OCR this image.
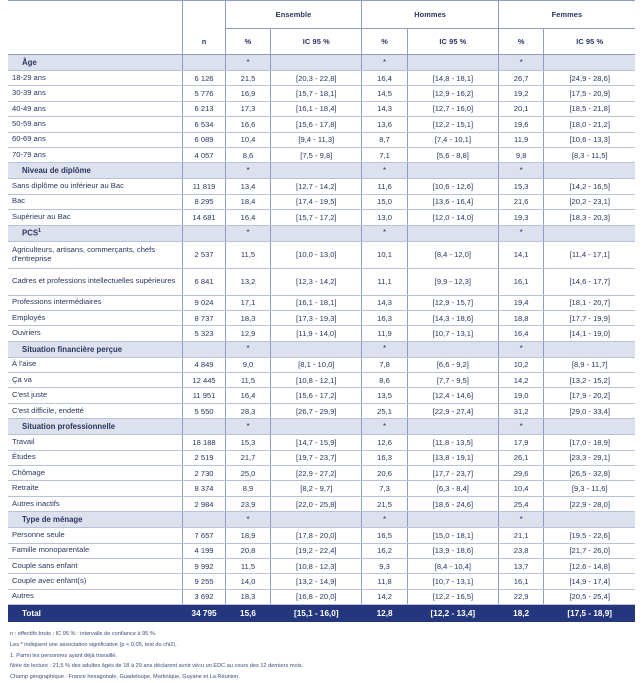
		Ensemble		Hommes		Femmes	
	n	%	IC 95 %	%	IC 95 %	%	IC 95 %
Âge		*		*		*	
18-29 ans	6 126	21,5	[20,3 - 22,8]	16,4	[14,8 - 18,1]	26,7	[24,9 - 28,6]
30-39 ans	5 776	16,9	[15,7 - 18,1]	14,5	[12,9 - 16,2]	19,2	[17,5 - 20,9]
40-49 ans	6 213	17,3	[16,1 - 18,4]	14,3	[12,7 - 16,0]	20,1	[18,5 - 21,8]
50-59 ans	6 534	16,6	[15,6 - 17,8]	13,6	[12,2 - 15,1]	19,6	[18,0 - 21,2]
60-69 ans	6 089	10,4	[9,4 - 11,3]	8,7	[7,4 - 10,1]	11,9	[10,6 - 13,3]
70-79 ans	4 057	8,6	[7,5 - 9,8]	7,1	[5,6 - 8,8]	9,8	[8,3 - 11,5]
Niveau de diplôme		*		*		*	
Sans diplôme ou inférieur au Bac	11 819	13,4	[12,7 - 14,2]	11,6	[10,6 - 12,6]	15,3	[14,2 - 16,5]
Bac	8 295	18,4	[17,4 - 19,5]	15,0	[13,6 - 16,4]	21,6	[20,2 - 23,1]
Supérieur au Bac	14 681	16,4	[15,7 - 17,2]	13,0	[12,0 - 14,0]	19,3	[18,3 - 20,3]
PCS$^1$		*		*		*	
Agriculteurs, artisans, commerçants, chefs d'entreprise	2 537	11,5	[10,0 - 13,0]	10,1	[8,4 - 12,0]	14,1	[11,4 - 17,1]
Cadres et professions intellectuelles supérieures	6 841	13,2	[12,3 - 14,2]	11,1	[9,9 - 12,3]	16,1	[14,6 - 17,7]
Professions intermédiaires	9 024	17,1	[16,1 - 18,1]	14,3	[12,9 - 15,7]	19,4	[18,1 - 20,7]
Employés	8 737	18,3	[17,3 - 19,3]	16,3	[14,3 - 18,6]	18,8	[17,7 - 19,9]
Ouvriers	5 323	12,9	[11,9 - 14,0]	11,9	[10,7 - 13,1]	16,4	[14,1 - 19,0]
Situation financière perçue		*		*		*	
À l'aise	4 849	9,0	[8,1 - 10,0]	7,8	[6,6 - 9,2]	10,2	[8,9 - 11,7]
Ça va	12 445	11,5	[10,8 - 12,1]	8,6	[7,7 - 9,5]	14,2	[13,2 - 15,2]
C'est juste	11 951	16,4	[15,6 - 17,2]	13,5	[12,4 - 14,6]	19,0	[17,9 - 20,2]
C'est difficile, endetté	5 550	28,3	[26,7 - 29,9]	25,1	[22,9 - 27,4]	31,2	[29,0 - 33,4]
Situation professionnelle		*		*		*	
Travail	18 188	15,3	[14,7 - 15,9]	12,6	[11,8 - 13,5]	17,9	[17,0 - 18,9]
Études	2 519	21,7	[19,7 - 23,7]	16,3	[13,8 - 19,1]	26,1	[23,3 - 29,1]
Chômage	2 730	25,0	[22,9 - 27,2]	20,6	[17,7 - 23,7]	29,6	[26,5 - 32,8]
Retraite	8 374	8,9	[8,2 - 9,7]	7,3	[6,3 - 8,4]	10,4	[9,3 - 11,6]
Autres inactifs	2 984	23,9	[22,0 - 25,8]	21,5	[18,6 - 24,6]	25,4	[22,9 - 28,0]
Type de ménage		*		*		*	
Personne seule	7 657	18,9	[17,8 - 20,0]	16,5	[15,0 - 18,1]	21,1	[19,5 - 22,6]
Famille monoparentale	4 199	20,8	[19,2 - 22,4]	16,2	[13,9 - 18,6]	23,8	[21,7 - 26,0]
Couple sans enfant	9 992	11,5	[10,8 - 12,3]	9,3	[8,4 - 10,4]	13,7	[12,6 - 14,8]
Couple avec enfant(s)	9 255	14,0	[13,2 - 14,9]	11,8	[10,7 - 13,1]	16,1	[14,9 - 17,4]
Autres	3 692	18,3	[16,8 - 20,0]	14,2	[12,2 - 16,5]	22,9	[20,5 - 25,4]
Total	34 795	15,6	[15,1 - 16,0]	12,8	[12,2 - 13,4]	18,2	[17,5 - 18,9]
n : effectifs bruts ; IC 95 % : intervalle de confiance à 95 %.
Les * indiquent une association significative (p < 0,05, test du chi2).
1. Parmi les personnes ayant déjà travaillé.
Note de lecture : 21,5 % des adultes âgés de 18 à 29 ans déclarent avoir vécu un EDC au cours des 12 derniers mois.
Champ géographique : France hexagonale, Guadeloupe, Martinique, Guyane et La Réunion.
